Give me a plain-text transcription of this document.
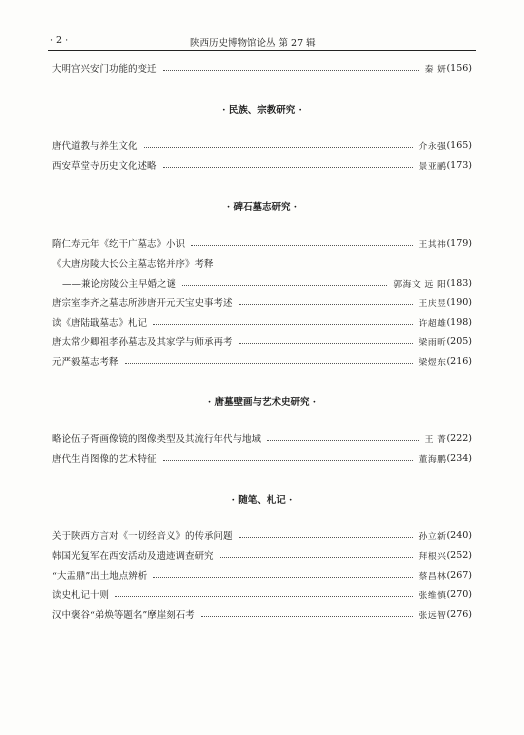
· 2 ·	陕西历史博物馆论丛 第 27 辑
大明宫兴安门功能的变迁	秦 妍 (156)
· 民族、宗教研究 ·
唐代道教与养生文化	介永强 (165)
西安草堂寺历史文化述略	景亚鹂 (173)
· 碑石墓志研究 ·
隋仁寿元年《纥干广墓志》小识	王其祎 (179)
《大唐房陵大长公主墓志铭并序》考释
——兼论房陵公主早婚之谜	郭海文 远 阳 (183)
唐宗室李齐之墓志所涉唐开元天宝史事考述	王庆昱 (190)
读《唐陆戢墓志》札记	许超雄 (198)
唐太常少卿祖孝孙墓志及其家学与师承再考	梁雨昕 (205)
元严毅墓志考释	梁煜东 (216)
· 唐墓壁画与艺术史研究 ·
略论伍子胥画像镜的图像类型及其流行年代与地域	王 菁 (222)
唐代生肖图像的艺术特征	董海鹏 (234)
· 随笔、札记 ·
关于陕西方言对《一切经音义》的传承问题	孙立新 (240)
韩国光复军在西安活动及遗迹调查研究	拜根兴 (252)
“大盂鼎”出土地点辨析	蔡昌林 (267)
读史札记十则	张维慎 (270)
汉中褒谷“弟焕等题名”摩崖刻石考	张远智 (276)
